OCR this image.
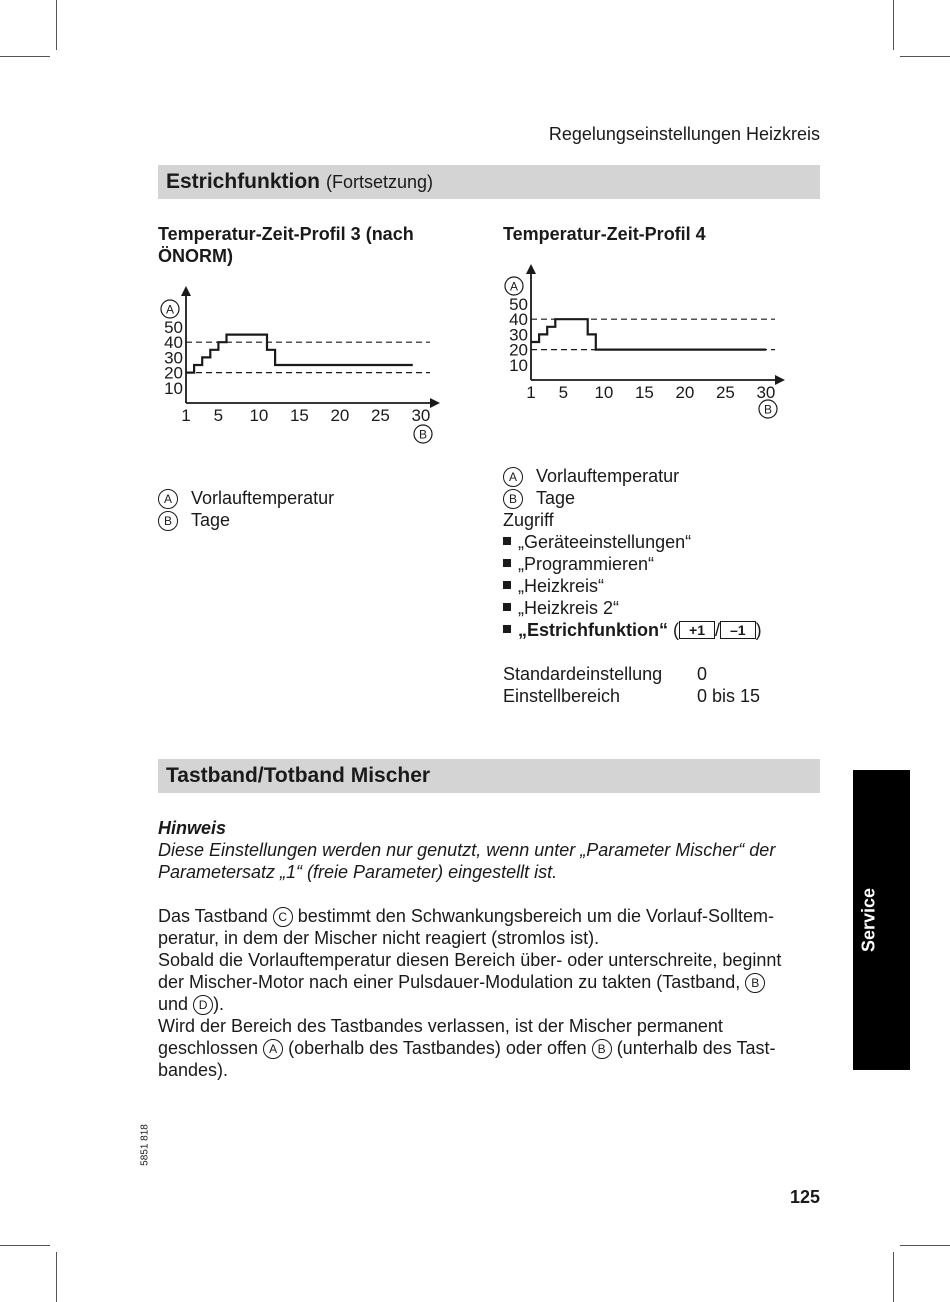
Regelungseinstellungen Heizkreis
Estrichfunktion (Fortsetzung)
Temperatur-Zeit-Profil 3 (nach
ÖNORM)
Temperatur-Zeit-Profil 4
10
20
30
40
50
1 5 10 15 20 25 30
A
B
10
20
30
40
50
1 5 10 15 20 25 30
A
B
A Vorlauftemperatur
B Tage
A Vorlauftemperatur
B Tage
Zugriff
„Geräteeinstellungen“
„Programmieren“
„Heizkreis“
„Heizkreis 2“
„Estrichfunktion“ ( +1 / –1 )
Standardeinstellung 0
Einstellbereich	0 bis 15
Tastband/Totband Mischer
Hinweis
Diese Einstellungen werden nur genutzt, wenn unter „Parameter Mischer“ der
Parametersatz „1“ (freie Parameter) eingestellt ist.
Das Tastband C bestimmt den Schwankungsbereich um die Vorlauf-Solltem-
peratur, in dem der Mischer nicht reagiert (stromlos ist).
Sobald die Vorlauftemperatur diesen Bereich über- oder unterschreite, beginnt
der Mischer-Motor nach einer Pulsdauer-Modulation zu takten (Tastband, B
und D ).
Wird der Bereich des Tastbandes verlassen, ist der Mischer permanent
geschlossen A (oberhalb des Tastbandes) oder offen B (unterhalb des Tast-
bandes).
Service
5851 818
125
